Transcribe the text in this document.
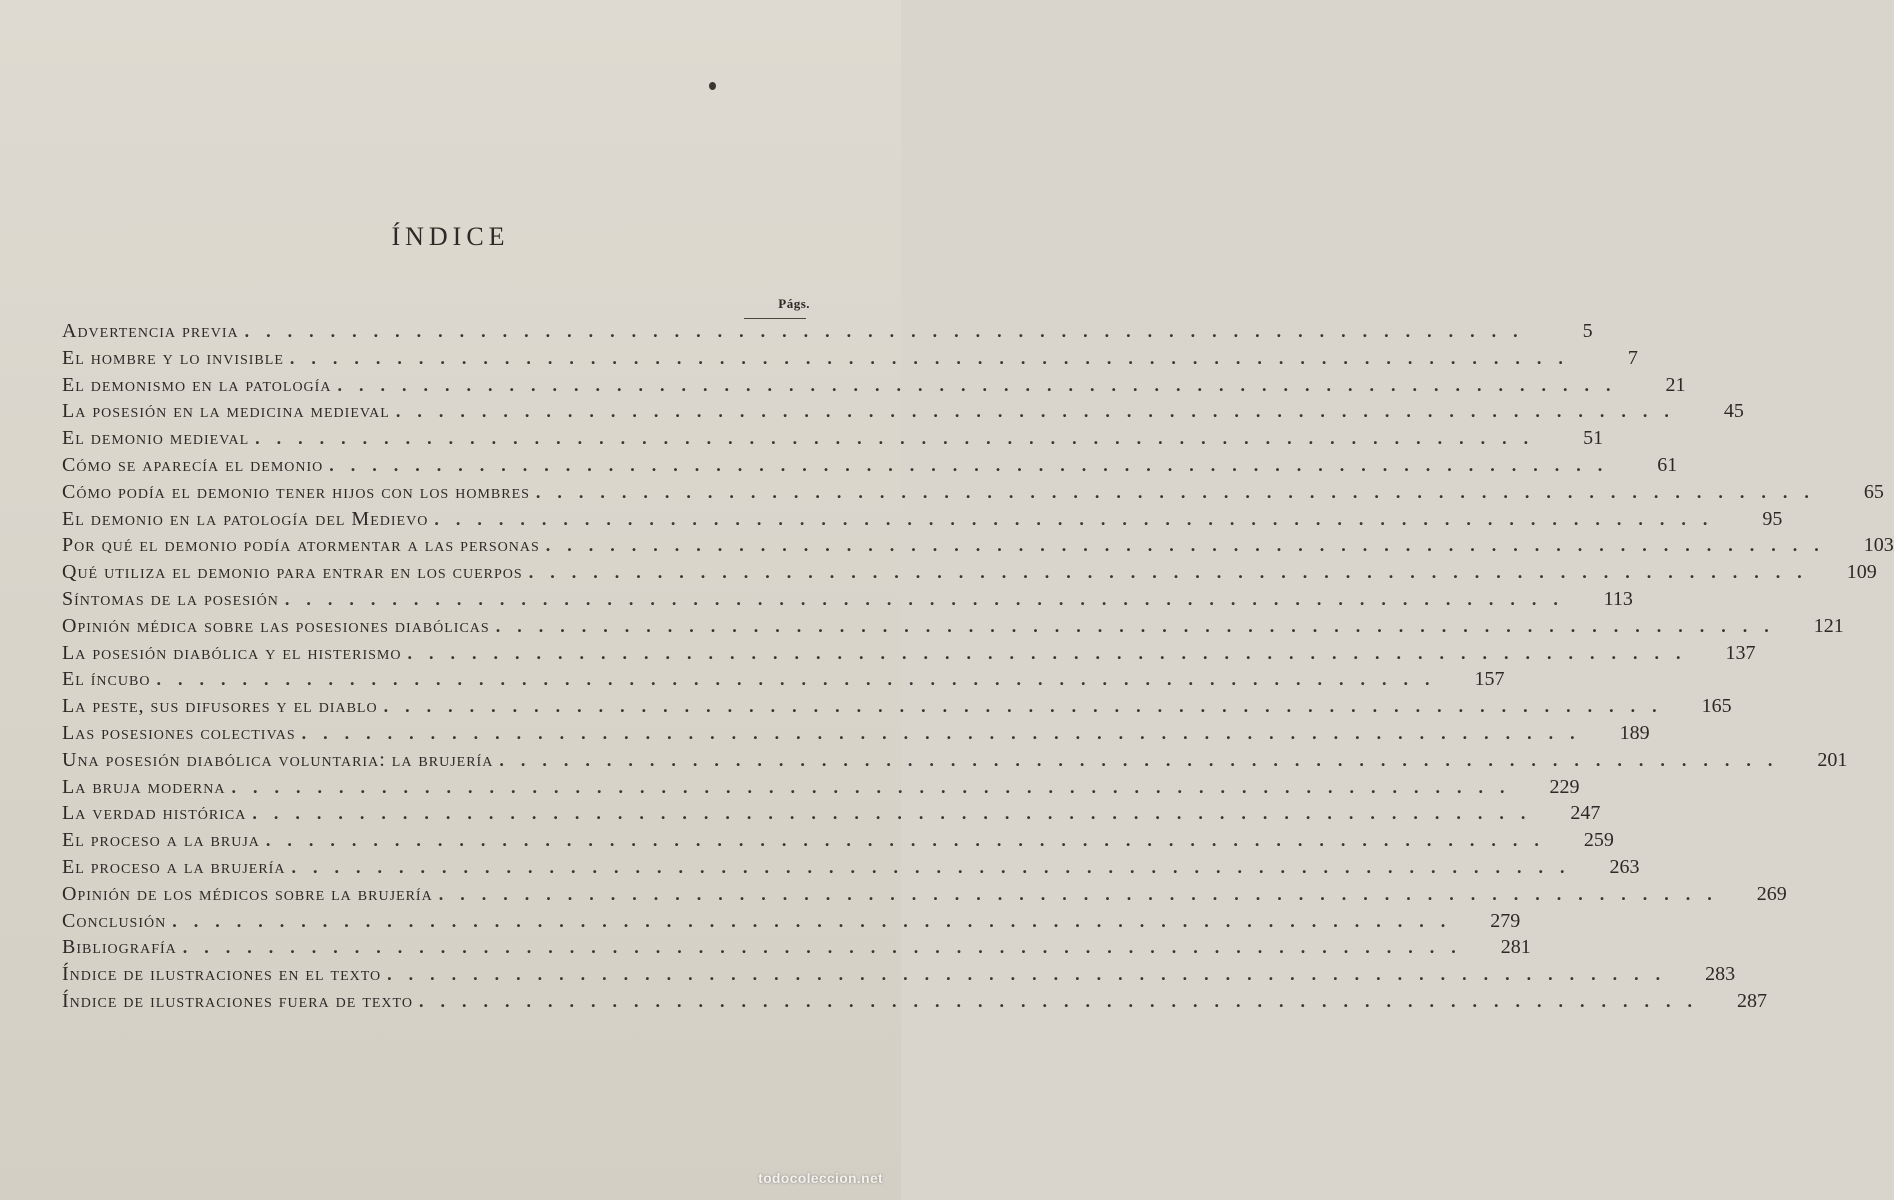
ÍNDICE
Págs.
Advertencia previa ............................................................	5
El hombre y lo invisible ............................................................	7
El demonismo en la patología ............................................................	21
La posesión en la medicina medieval ............................................................	45
El demonio medieval ............................................................	51
Cómo se aparecía el demonio ............................................................	61
Cómo podía el demonio tener hijos con los hombres ............................................................	65
El demonio en la patología del Medievo ............................................................	95
Por qué el demonio podía atormentar a las personas ............................................................	103
Qué utiliza el demonio para entrar en los cuerpos ............................................................	109
Síntomas de la posesión ............................................................	113
Opinión médica sobre las posesiones diabólicas ............................................................	121
La posesión diabólica y el histerismo ............................................................	137
El íncubo ............................................................	157
La peste, sus difusores y el diablo ............................................................	165
Las posesiones colectivas ............................................................	189
Una posesión diabólica voluntaria: la brujería ............................................................	201
La bruja moderna ............................................................	229
La verdad histórica ............................................................	247
El proceso a la bruja ............................................................	259
El proceso a la brujería ............................................................	263
Opinión de los médicos sobre la brujería ............................................................	269
Conclusión ............................................................	279
Bibliografía ............................................................	281
Índice de ilustraciones en el texto ............................................................	283
Índice de ilustraciones fuera de texto ............................................................	287
todocoleccion.net
